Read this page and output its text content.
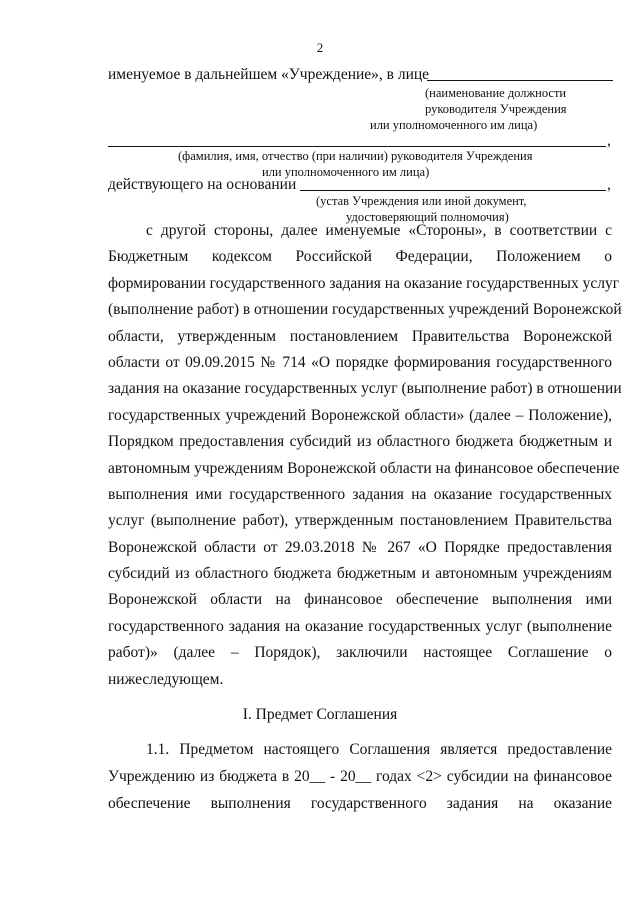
2
именуемое в дальнейшем «Учреждение», в лице
(наименование должности
руководителя Учреждения
или уполномоченного им лица)
,
(фамилия, имя, отчество (при наличии) руководителя Учреждения
или уполномоченного им лица)
действующего на основании	,
(устав Учреждения или иной документ,
удостоверяющий полномочия)
с другой стороны, далее именуемые «Стороны», в соответствии с
Бюджетным кодексом Российской Федерации, Положением о
формировании государственного задания на оказание государственных услуг
(выполнение работ) в отношении государственных учреждений Воронежской
области, утвержденным постановлением Правительства Воронежской
области от 09.09.2015 № 714 «О порядке формирования государственного
задания на оказание государственных услуг (выполнение работ) в отношении
государственных учреждений Воронежской области» (далее – Положение),
Порядком предоставления субсидий из областного бюджета бюджетным и
автономным учреждениям Воронежской области на финансовое обеспечение
выполнения ими государственного задания на оказание государственных
услуг (выполнение работ), утвержденным постановлением Правительства
Воронежской области от 29.03.2018 № 267 «О Порядке предоставления
субсидий из областного бюджета бюджетным и автономным учреждениям
Воронежской области на финансовое обеспечение выполнения ими
государственного задания на оказание государственных услуг (выполнение
работ)» (далее – Порядок), заключили настоящее Соглашение о
нижеследующем.
I. Предмет Соглашения
1.1. Предметом настоящего Соглашения является предоставление
Учреждению из бюджета в 20__ - 20__ годах <2> субсидии на финансовое
обеспечение выполнения государственного задания на оказание
